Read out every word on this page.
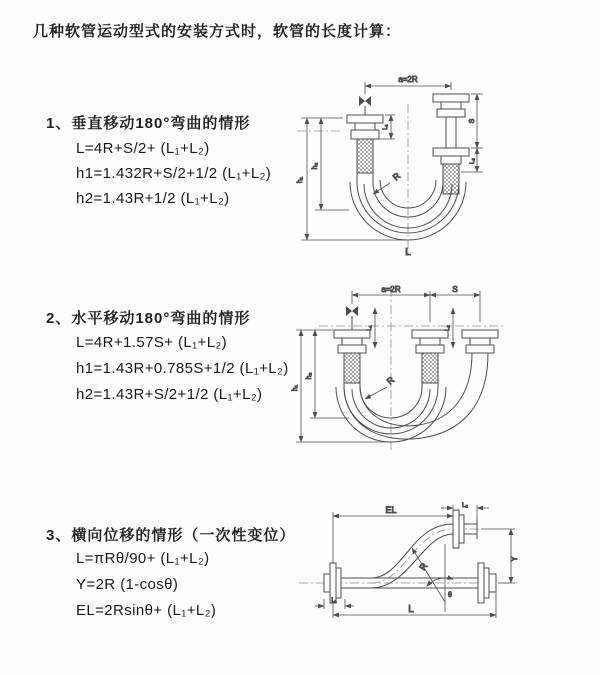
几种软管运动型式的安装方式时，软管的长度计算：
1、垂直移动180°弯曲的情形
L=4R+S/2+ (L₁+L₂)
h1=1.432R+S/2+1/2 (L₁+L₂)
h2=1.43R+1/2 (L₁+L₂)
2、水平移动180°弯曲的情形
L=4R+1.57S+ (L₁+L₂)
h1=1.43R+0.785S+1/2 (L₁+L₂)
h2=1.43R+S/2+1/2 (L₁+L₂)
3、横向位移的情形（一次性变位）
L=πRθ/90+ (L₁+L₂)
Y=2R (1-cosθ)
EL=2Rsinθ+ (L₁+L₂)
a=2R
h₁
h₂
L₁
S
L₂
R
L
a=2R	S
L₁	L₂
h₁
h₂	R
EL	L₂
Y
L
L₁
R
θ
